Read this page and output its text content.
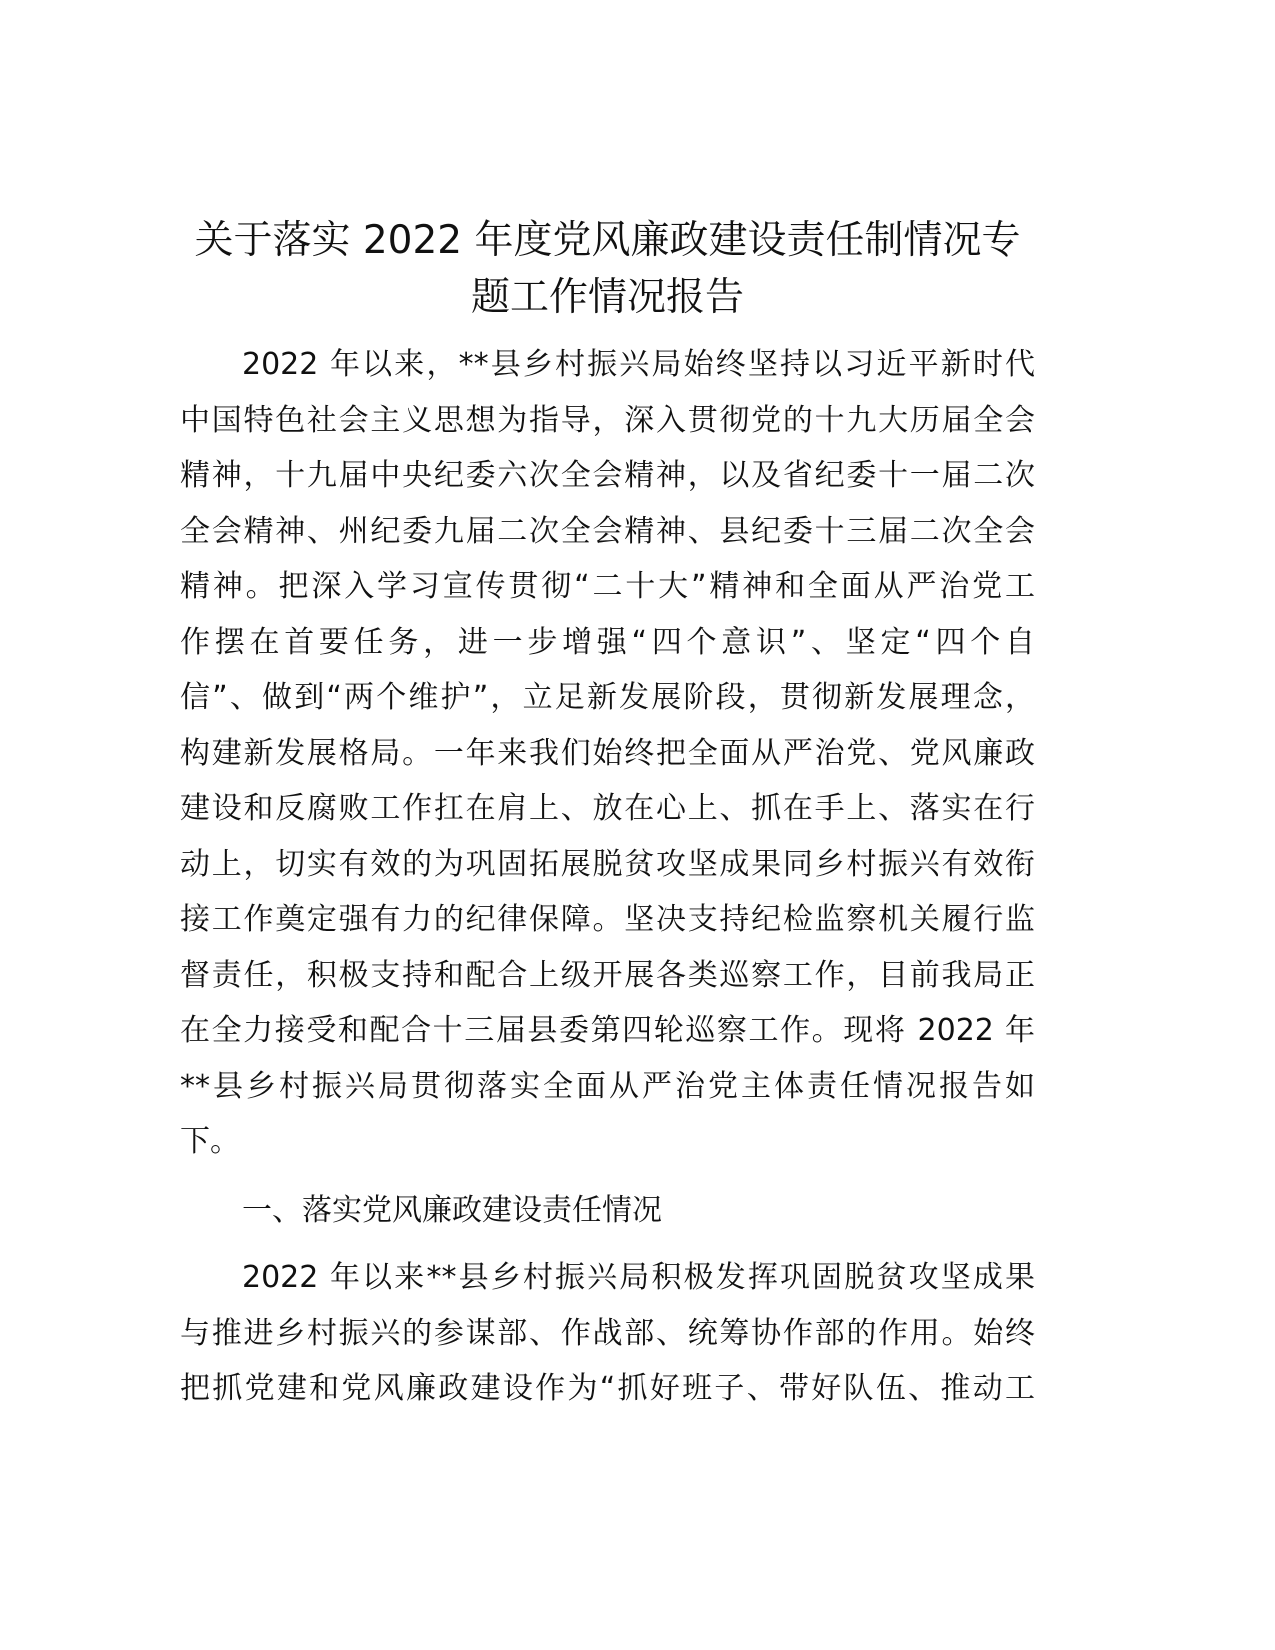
关于落实 2022 年度党风廉政建设责任制情况专
题工作情况报告
2022 年以来，**县乡村振兴局始终坚持以习近平新时代
中国特色社会主义思想为指导，深入贯彻党的十九大历届全会
精神，十九届中央纪委六次全会精神，以及省纪委十一届二次
全会精神、州纪委九届二次全会精神、县纪委十三届二次全会
精神。把深入学习宣传贯彻“二十大”精神和全面从严治党工
作摆在首要任务，进一步增强“四个意识”、坚定“四个自
信”、做到“两个维护”，立足新发展阶段，贯彻新发展理念，
构建新发展格局。一年来我们始终把全面从严治党、党风廉政
建设和反腐败工作扛在肩上、放在心上、抓在手上、落实在行
动上，切实有效的为巩固拓展脱贫攻坚成果同乡村振兴有效衔
接工作奠定强有力的纪律保障。坚决支持纪检监察机关履行监
督责任，积极支持和配合上级开展各类巡察工作，目前我局正
在全力接受和配合十三届县委第四轮巡察工作。现将 2022 年
**县乡村振兴局贯彻落实全面从严治党主体责任情况报告如
下。
一、落实党风廉政建设责任情况
2022 年以来**县乡村振兴局积极发挥巩固脱贫攻坚成果
与推进乡村振兴的参谋部、作战部、统筹协作部的作用。始终
把抓党建和党风廉政建设作为“抓好班子、带好队伍、推动工
